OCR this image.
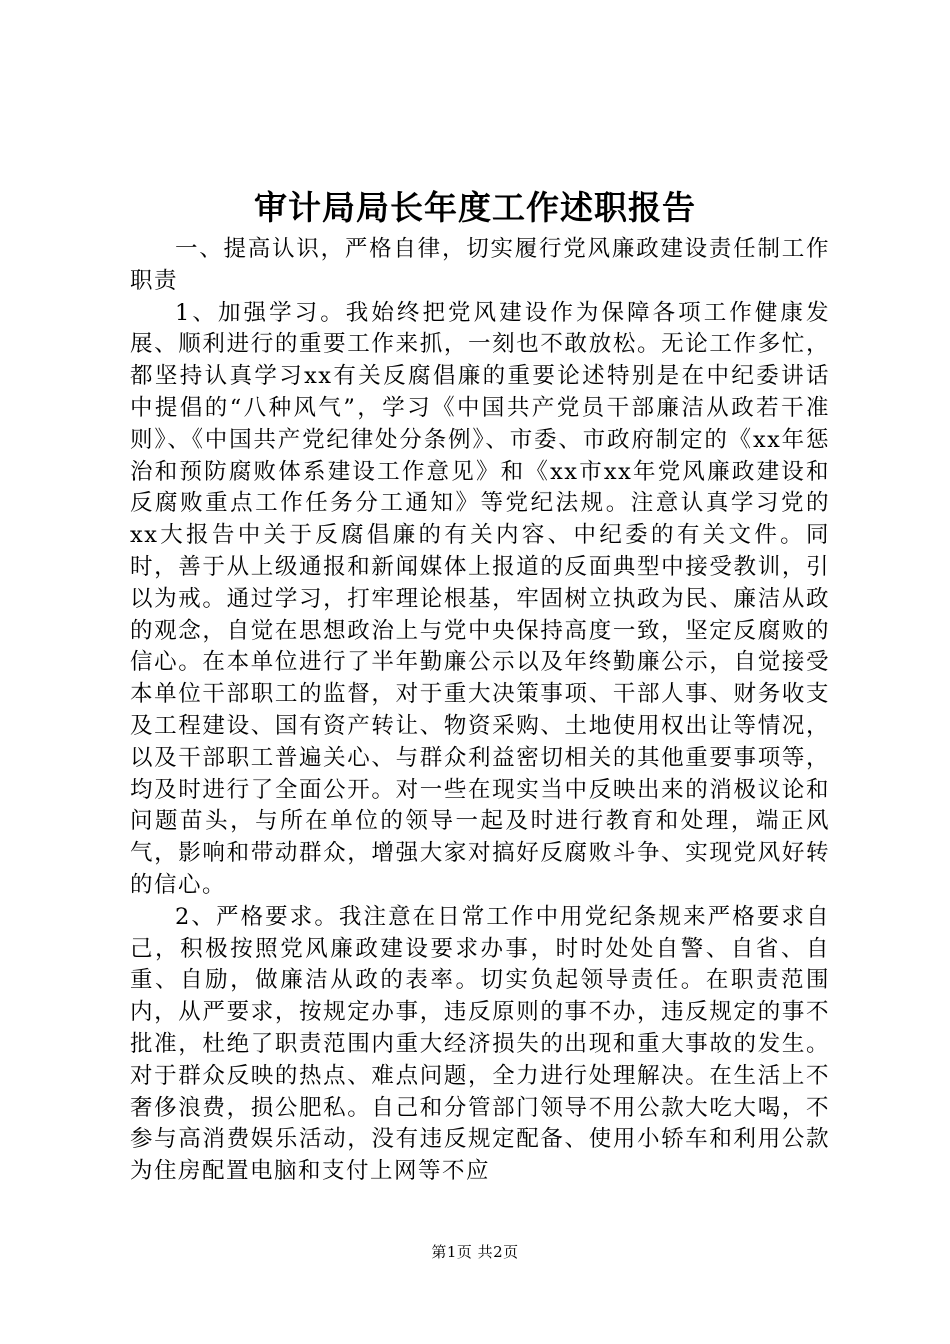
审计局局长年度工作述职报告

一、提高认识，严格自律，切实履行党风廉政建设责任制工作职责

1、加强学习。我始终把党风建设作为保障各项工作健康发展、顺利进行的重要工作来抓，一刻也不敢放松。无论工作多忙，都坚持认真学习xx有关反腐倡廉的重要论述特别是在中纪委讲话中提倡的“八种风气”，学习《中国共产党员干部廉洁从政若干准则》、《中国共产党纪律处分条例》、市委、市政府制定的《xx年惩治和预防腐败体系建设工作意见》和《xx市xx年党风廉政建设和反腐败重点工作任务分工通知》等党纪法规。注意认真学习党的xx大报告中关于反腐倡廉的有关内容、中纪委的有关文件。同时，善于从上级通报和新闻媒体上报道的反面典型中接受教训，引以为戒。通过学习，打牢理论根基，牢固树立执政为民、廉洁从政的观念，自觉在思想政治上与党中央保持高度一致，坚定反腐败的信心。在本单位进行了半年勤廉公示以及年终勤廉公示，自觉接受本单位干部职工的监督，对于重大决策事项、干部人事、财务收支及工程建设、国有资产转让、物资采购、土地使用权出让等情况，以及干部职工普遍关心、与群众利益密切相关的其他重要事项等，均及时进行了全面公开。对一些在现实当中反映出来的消极议论和问题苗头，与所在单位的领导一起及时进行教育和处理，端正风气，影响和带动群众，增强大家对搞好反腐败斗争、实现党风好转的信心。

2、严格要求。我注意在日常工作中用党纪条规来严格要求自己，积极按照党风廉政建设要求办事，时时处处自警、自省、自重、自励，做廉洁从政的表率。切实负起领导责任。在职责范围内，从严要求，按规定办事，违反原则的事不办，违反规定的事不批准，杜绝了职责范围内重大经济损失的出现和重大事故的发生。对于群众反映的热点、难点问题，全力进行处理解决。在生活上不奢侈浪费，损公肥私。自己和分管部门领导不用公款大吃大喝，不参与高消费娱乐活动，没有违反规定配备、使用小轿车和利用公款为住房配置电脑和支付上网等不应

第1页 共2页
